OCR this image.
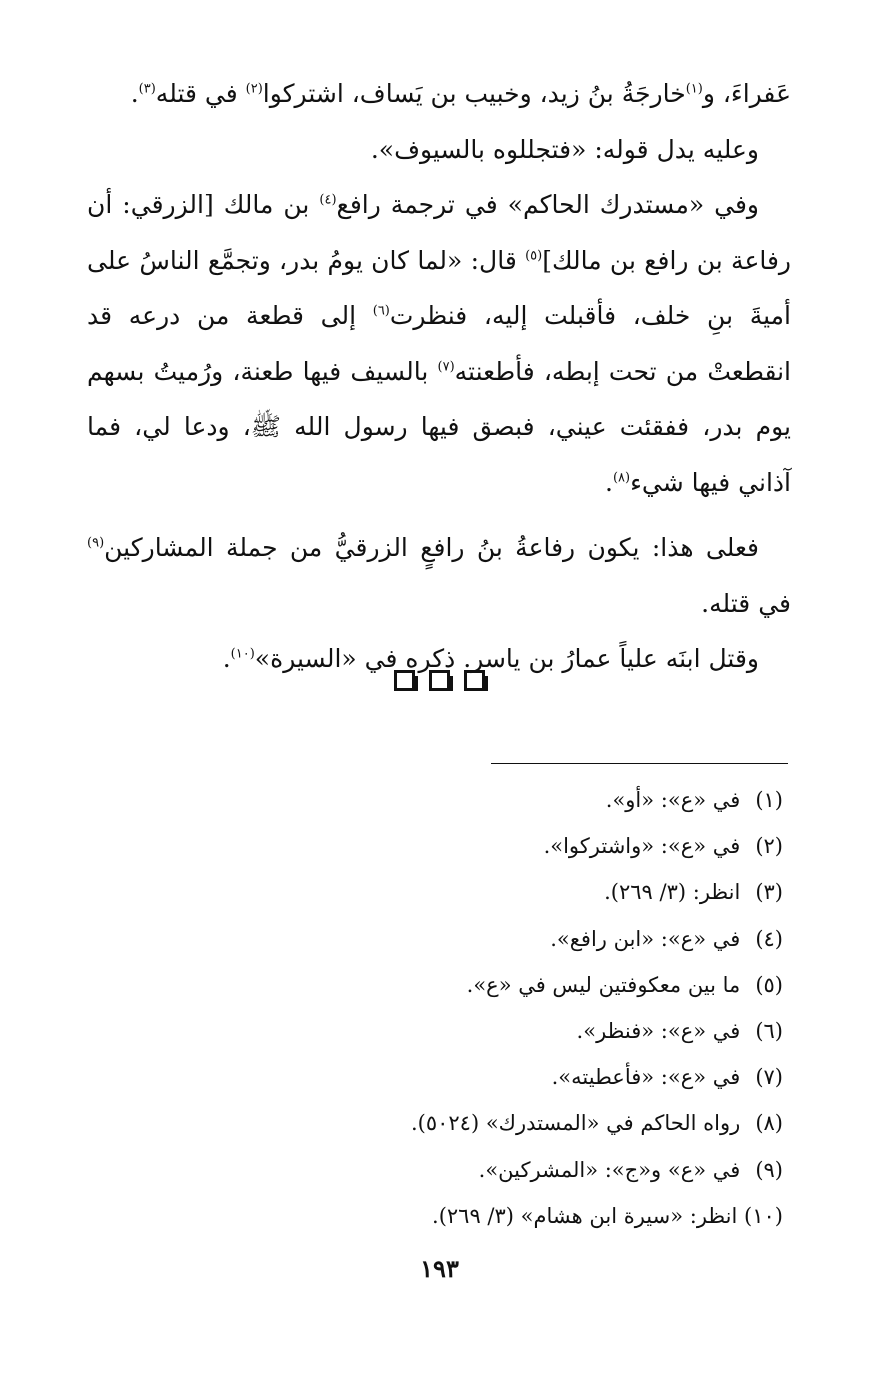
عَفراءَ، و$^{(١)}$خارجَةُ بنُ زيد، وخبيب بن يَساف، اشتركوا$^{(٢)}$ في قتله$^{(٣)}$.

وعليه يدل قوله: «فتجللوه بالسيوف».

وفي «مستدرك الحاكم» في ترجمة رافع$^{(٤)}$ بن مالك [الزرقي: أن رفاعة بن رافع بن مالك]$^{(٥)}$ قال: «لما كان يومُ بدر، وتجمَّع الناسُ على أميةَ بنِ خلف، فأقبلت إليه، فنظرت$^{(٦)}$ إلى قطعة من درعه قد انقطعتْ من تحت إبطه، فأطعنته$^{(٧)}$ بالسيف فيها طعنة، ورُميتُ بسهم يوم بدر، ففقئت عيني، فبصق فيها رسول الله ﷺ، ودعا لي، فما آذاني فيها شيء$^{(٨)}$.

فعلى هذا: يكون رفاعةُ بنُ رافعٍ الزرقيُّ من جملة المشاركين$^{(٩)}$ في قتله.

وقتل ابنَه علياً عمارُ بن ياسر. ذكره في «السيرة»$^{(١٠)}$.

(١) في «ع»: «أو».
(٢) في «ع»: «واشتركوا».
(٣) انظر: (٣/ ٢٦٩).
(٤) في «ع»: «ابن رافع».
(٥) ما بين معكوفتين ليس في «ع».
(٦) في «ع»: «فنظر».
(٧) في «ع»: «فأعطيته».
(٨) رواه الحاكم في «المستدرك» (٥٠٢٤).
(٩) في «ع» و«ج»: «المشركين».
(١٠) انظر: «سيرة ابن هشام» (٣/ ٢٦٩).
١٩٣
